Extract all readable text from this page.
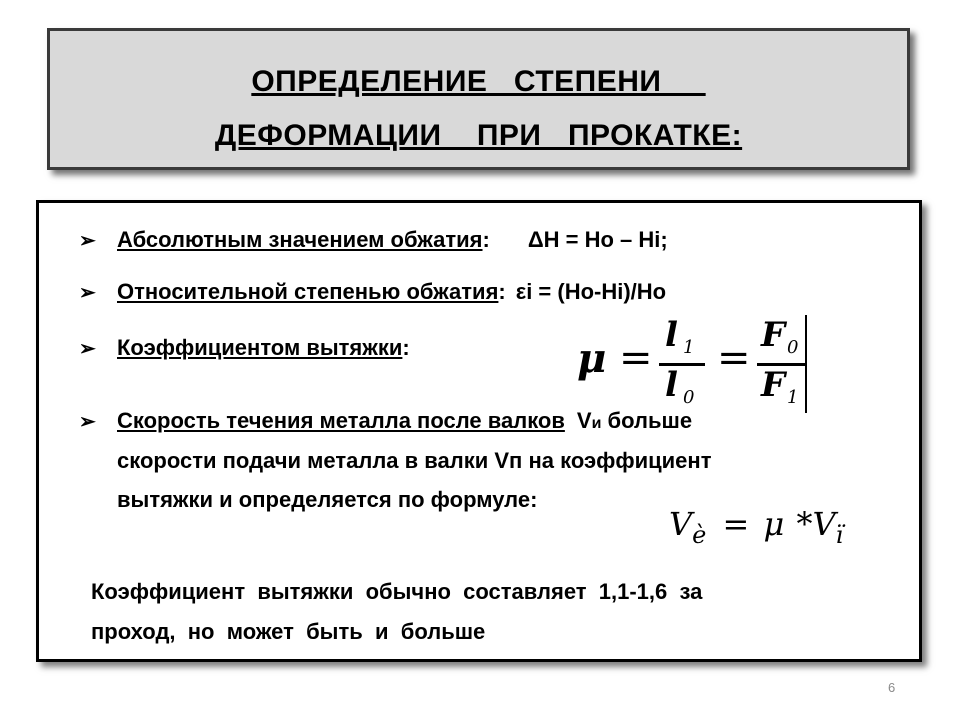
ОПРЕДЕЛЕНИЕ   СТЕПЕНИ
ДЕФОРМАЦИИ    ПРИ   ПРОКАТКЕ:
➢ Абсолютным значением обжатия: ΔH = Ho – Hi;
➢ Относительной степенью обжатия: εi = (Ho-Hi)/Ho
➢ Коэффициентом вытяжки:	μ = l 1
l 0
= F 0
F 1
➢ Скорость течения металла после валков Vи больше
скорости подачи металла в валки Vп на коэффициент
вытяжки и определяется по формуле:
$V_è = \mu$ $*V_ï$
Коэффициент  вытяжки  обычно  составляет  1,1-1,6  за
проход,  но  может  быть  и  больше
6
